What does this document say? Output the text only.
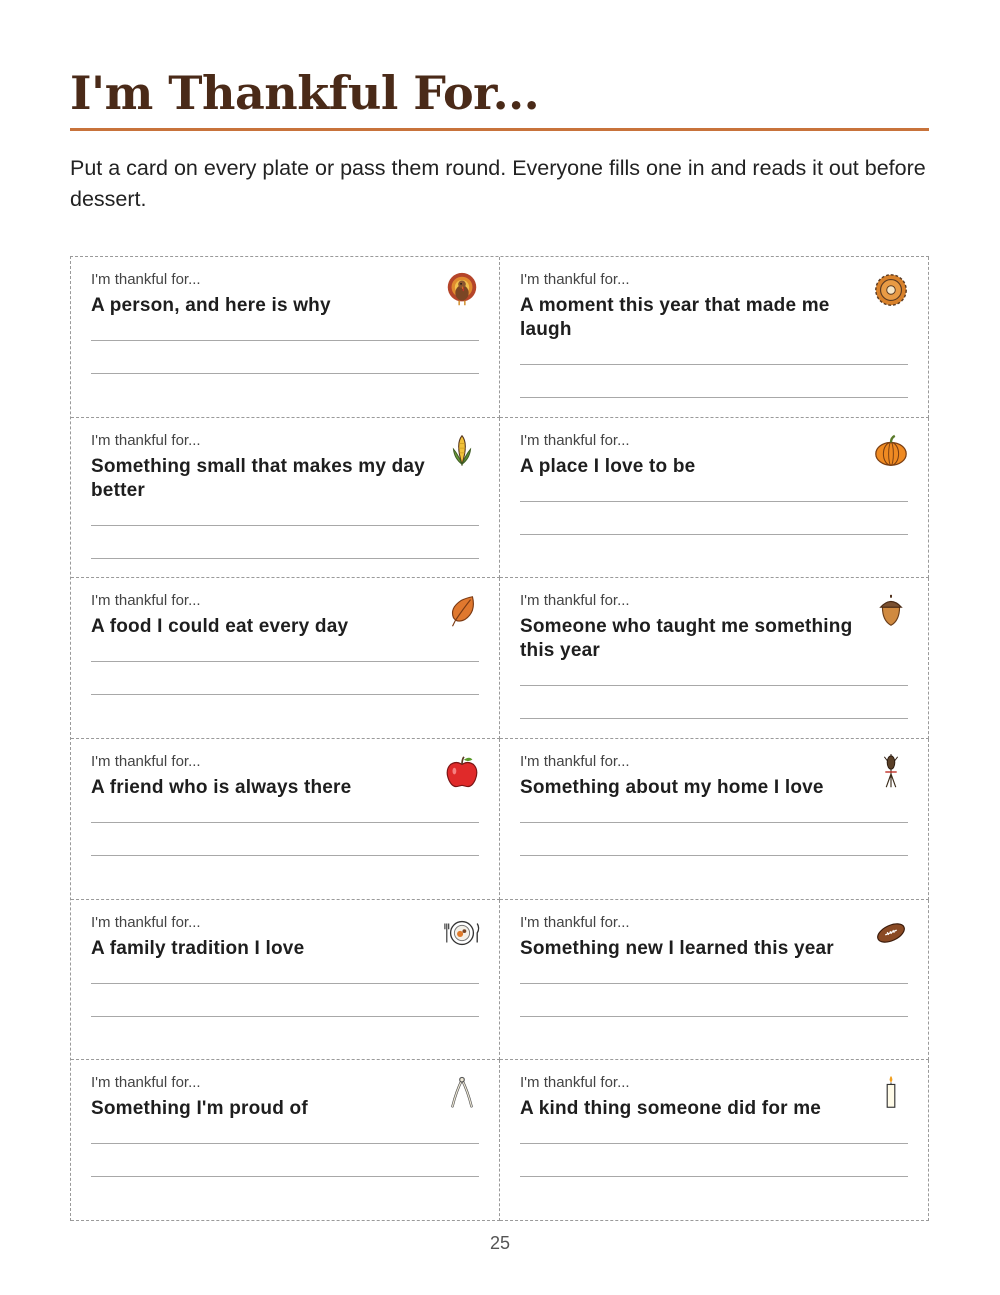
I'm Thankful For...

Put a card on every plate or pass them round. Everyone fills one in and reads it out before dessert.

I'm thankful for...

A person, and here is why

I'm thankful for...

A moment this year that made me laugh

I'm thankful for...

Something small that makes my day better

I'm thankful for...

A place I love to be

I'm thankful for...

A food I could eat every day

I'm thankful for...

Someone who taught me something this year

I'm thankful for...

A friend who is always there

I'm thankful for...

Something about my home I love

I'm thankful for...

A family tradition I love

I'm thankful for...

Something new I learned this year

I'm thankful for...

Something I'm proud of

I'm thankful for...

A kind thing someone did for me

25
